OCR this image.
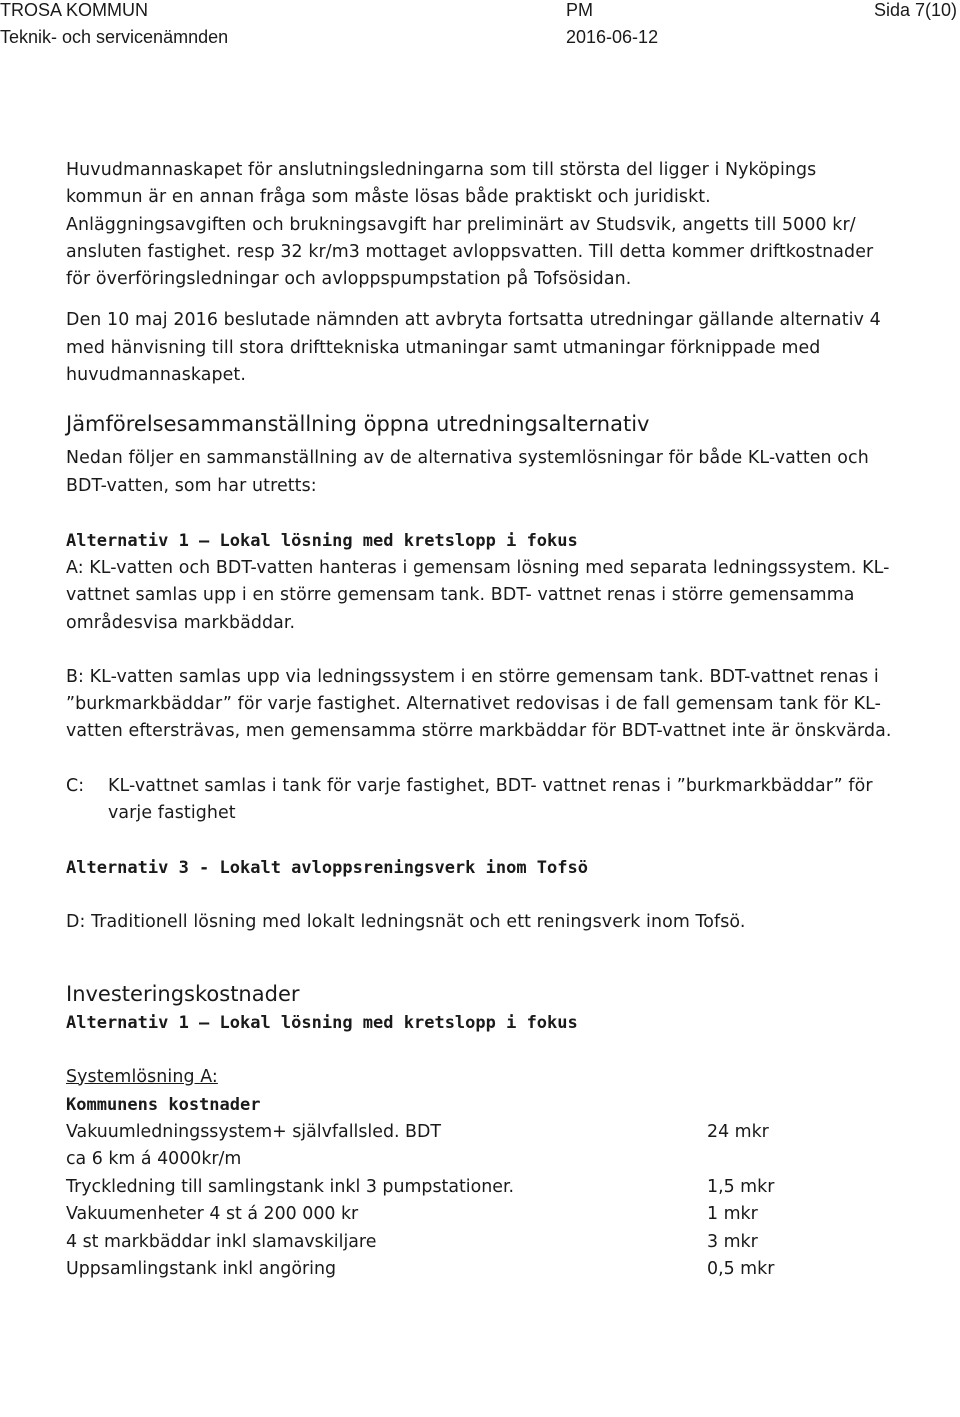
TROSA KOMMUN
Teknik- och servicenämnden
PM
2016-06-12
Sida 7(10)

Huvudmannaskapet för anslutningsledningarna som till största del ligger i Nyköpings kommun är en annan fråga som måste lösas både praktiskt och juridiskt.

Anläggningsavgiften och brukningsavgift har preliminärt av Studsvik, angetts till 5000 kr/ ansluten fastighet. resp 32 kr/m3 mottaget avloppsvatten. Till detta kommer driftkostnader för överföringsledningar och avloppspumpstation på Tofsösidan.

Den 10 maj 2016 beslutade nämnden att avbryta fortsatta utredningar gällande alternativ 4 med hänvisning till stora drifttekniska utmaningar samt utmaningar förknippade med huvudmannaskapet.

Jämförelsesammanställning öppna utredningsalternativ

Nedan följer en sammanställning av de alternativa systemlösningar för både KL-vatten och BDT-vatten, som har utretts:

Alternativ 1 – Lokal lösning med kretslopp i fokus

A: KL-vatten och BDT-vatten hanteras i gemensam lösning med separata ledningssystem. KL-vattnet samlas upp i en större gemensam tank. BDT- vattnet renas i större gemensamma områdesvisa markbäddar.

B: KL-vatten samlas upp via ledningssystem i en större gemensam tank. BDT-vattnet renas i ”burkmarkbäddar” för varje fastighet. Alternativet redovisas i de fall gemensam tank för KL-vatten eftersträvas, men gemensamma större markbäddar för BDT-vattnet inte är önskvärda.

C: KL-vattnet samlas i tank för varje fastighet, BDT- vattnet renas i ”burkmarkbäddar” för varje fastighet

Alternativ 3 - Lokalt avloppsreningsverk inom Tofsö

D: Traditionell lösning med lokalt ledningsnät och ett reningsverk inom Tofsö.

Investeringskostnader
Alternativ 1 – Lokal lösning med kretslopp i fokus

Systemlösning A:

Kommunens kostnader
Vakuumledningssystem+ självfallsled. BDT	24 mkr
ca 6 km á 4000kr/m	
Tryckledning till samlingstank inkl 3 pumpstationer.	1,5 mkr
Vakuumenheter 4 st á 200 000 kr	1 mkr
4 st markbäddar inkl slamavskiljare	3 mkr
Uppsamlingstank inkl angöring	0,5 mkr
